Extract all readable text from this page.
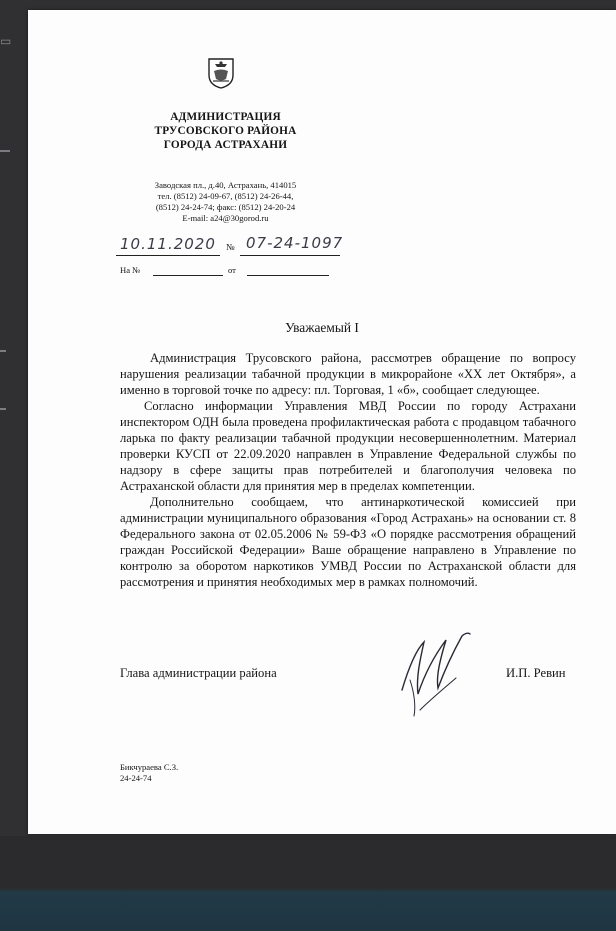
▭
АДМИНИСТРАЦИЯ
ТРУСОВСКОГО РАЙОНА
ГОРОДА АСТРАХАНИ
Заводская пл., д.40, Астрахань, 414015
тел. (8512) 24-09-67, (8512) 24-26-44,
(8512) 24-24-74; факс: (8512) 24-20-24
E-mail: a24@30gorod.ru
10.11.2020 № 07-24-1097
На №	от
Уважаемый I

Администрация Трусовского района, рассмотрев обращение по вопросу нарушения реализации табачной продукции в микрорайоне «XX лет Октября», а именно в торговой точке по адресу: пл. Торговая, 1 «б», сообщает следующее.

Согласно информации Управления МВД России по городу Астрахани инспектором ОДН была проведена профилактическая работа с продавцом табачного ларька по факту реализации табачной продукции несовершеннолетним. Материал проверки КУСП от 22.09.2020 направлен в Управление Федеральной службы по надзору в сфере защиты прав потребителей и благополучия человека по Астраханской области для принятия мер в пределах компетенции.

Дополнительно сообщаем, что антинаркотической комиссией при администрации муниципального образования «Город Астрахань» на основании ст. 8 Федерального закона от 02.05.2006 № 59-ФЗ «О порядке рассмотрения обращений граждан Российской Федерации» Ваше обращение направлено в Управление по контролю за оборотом наркотиков УМВД России по Астраханской области для рассмотрения и принятия необходимых мер в рамках полномочий.

Глава администрации района	И.П. Ревин
Бикчураева С.З.
24-24-74
